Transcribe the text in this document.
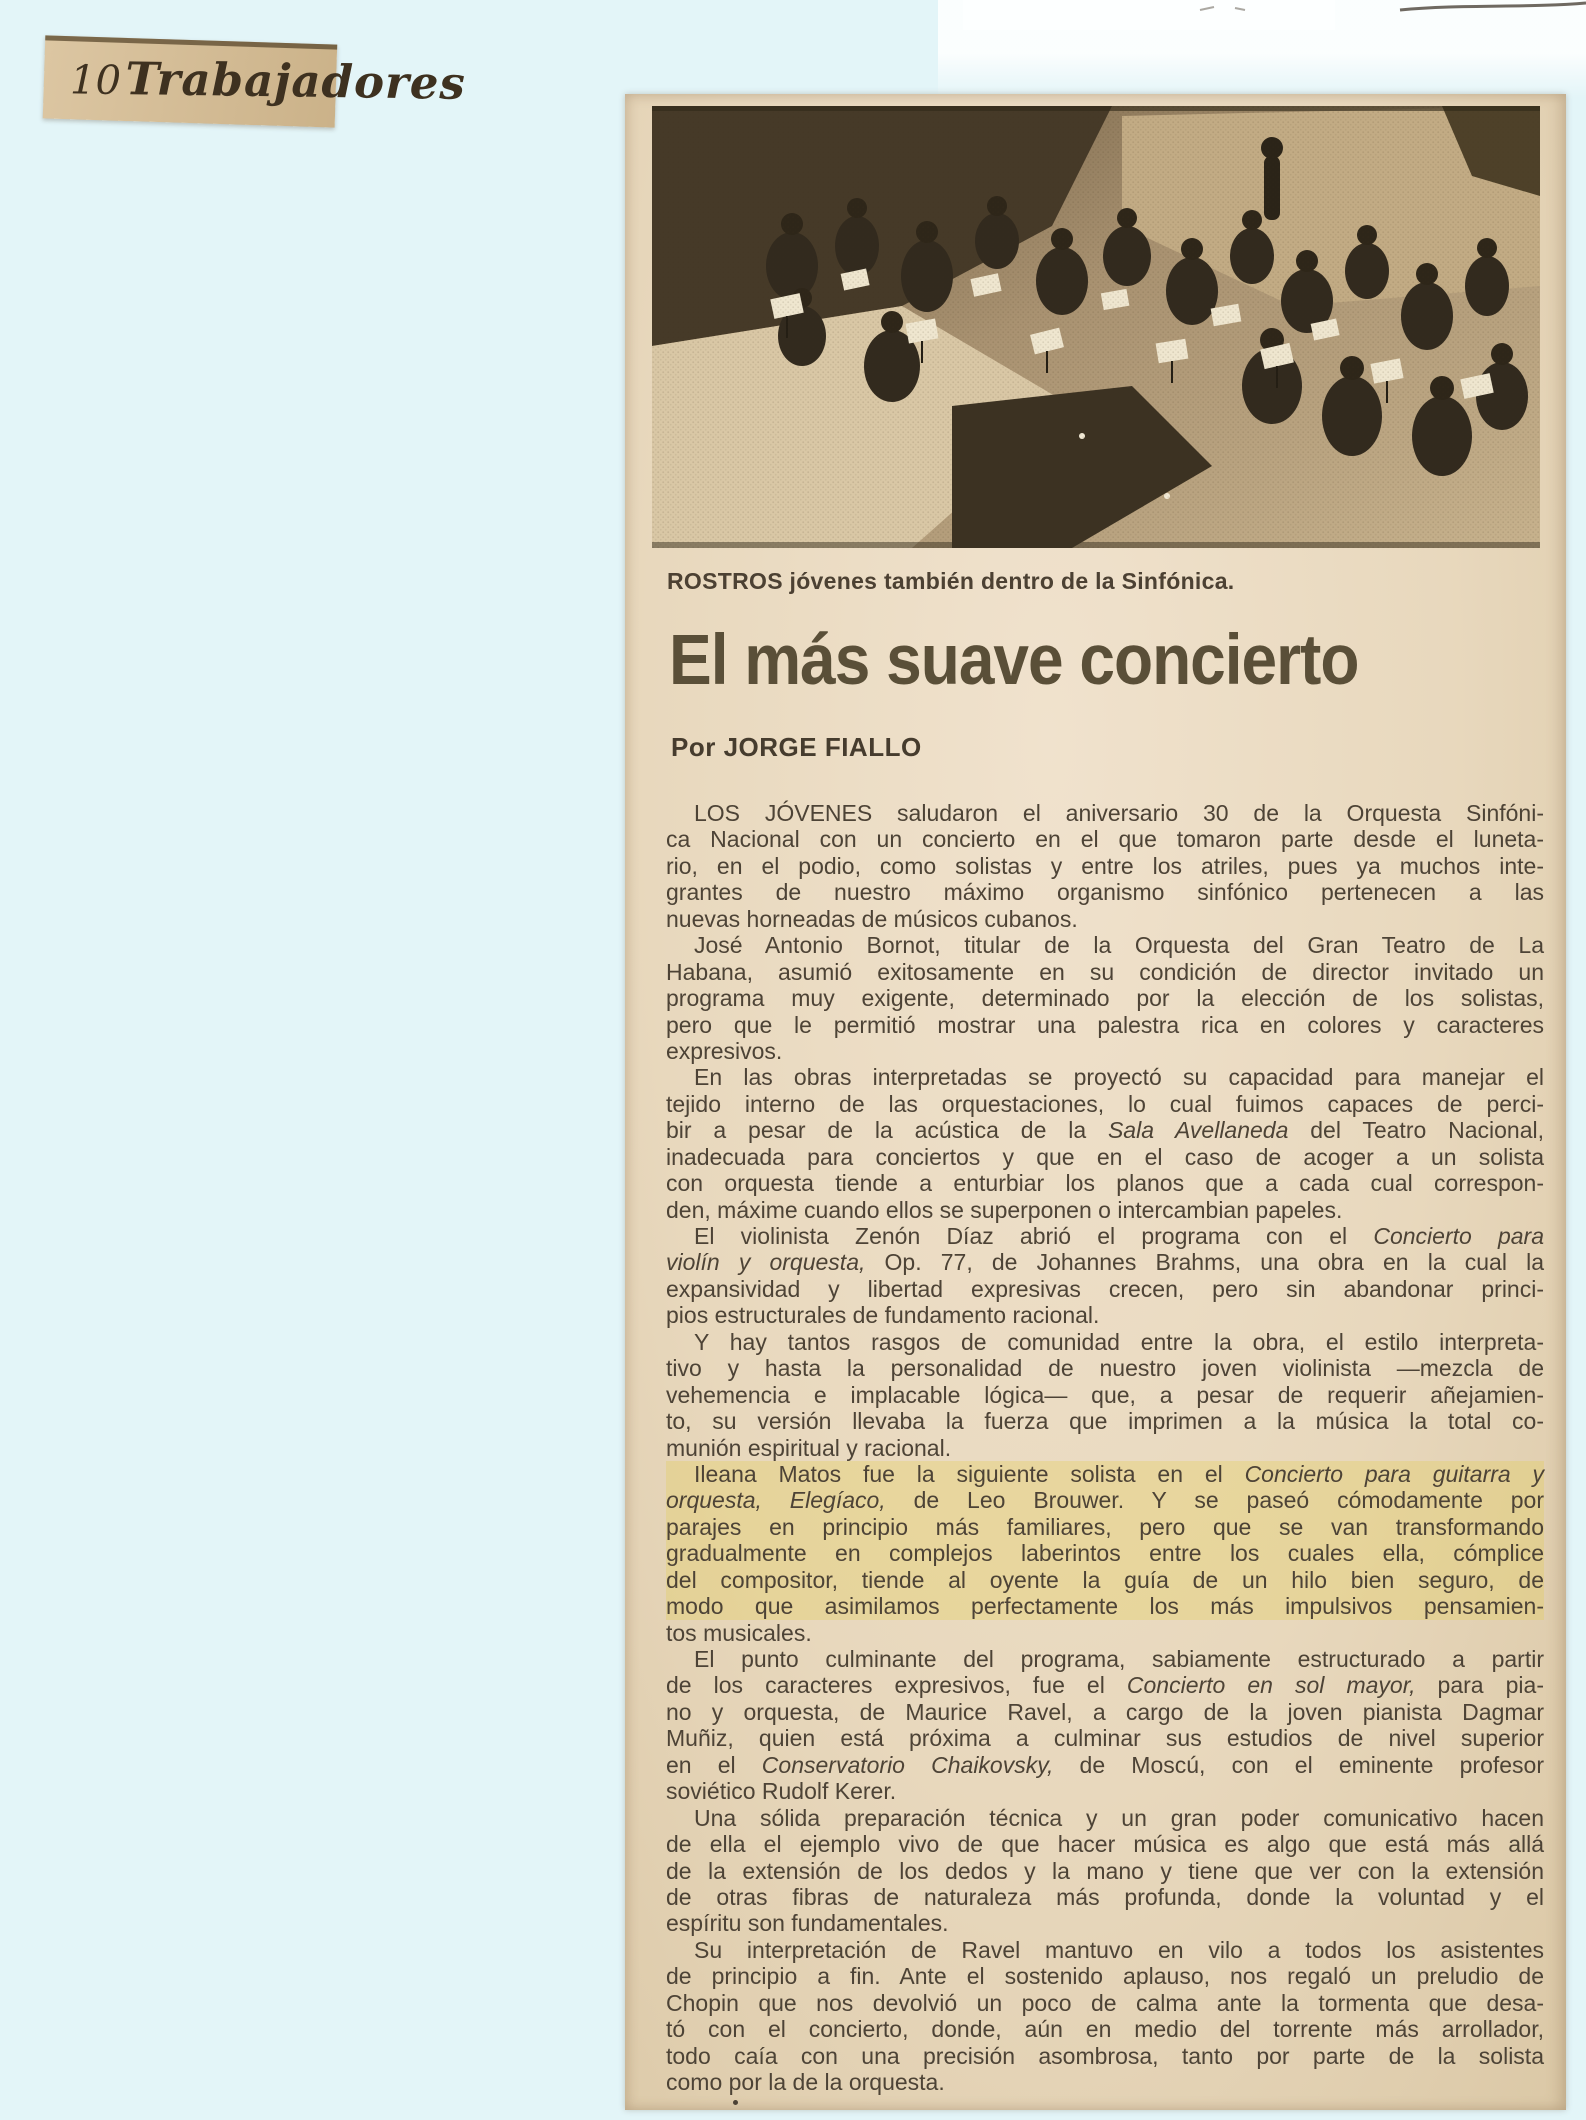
10 Trabajadores
ROSTROS jóvenes también dentro de la Sinfónica.
El más suave concierto
Por JORGE FIALLO
LOS JÓVENES saludaron el aniversario 30 de la Orquesta Sinfóni-
ca Nacional con un concierto en el que tomaron parte desde el luneta-
rio, en el podio, como solistas y entre los atriles, pues ya muchos inte-
grantes de nuestro máximo organismo sinfónico pertenecen a las
nuevas horneadas de músicos cubanos.
José Antonio Bornot, titular de la Orquesta del Gran Teatro de La
Habana, asumió exitosamente en su condición de director invitado un
programa muy exigente, determinado por la elección de los solistas,
pero que le permitió mostrar una palestra rica en colores y caracteres
expresivos.
En las obras interpretadas se proyectó su capacidad para manejar el
tejido interno de las orquestaciones, lo cual fuimos capaces de perci-
bir a pesar de la acústica de la Sala Avellaneda del Teatro Nacional,
inadecuada para conciertos y que en el caso de acoger a un solista
con orquesta tiende a enturbiar los planos que a cada cual correspon-
den, máxime cuando ellos se superponen o intercambian papeles.
El violinista Zenón Díaz abrió el programa con el Concierto para
violín y orquesta, Op. 77, de Johannes Brahms, una obra en la cual la
expansividad y libertad expresivas crecen, pero sin abandonar princi-
pios estructurales de fundamento racional.
Y hay tantos rasgos de comunidad entre la obra, el estilo interpreta-
tivo y hasta la personalidad de nuestro joven violinista —mezcla de
vehemencia e implacable lógica— que, a pesar de requerir añejamien-
to, su versión llevaba la fuerza que imprimen a la música la total co-
munión espiritual y racional.
Ileana Matos fue la siguiente solista en el Concierto para guitarra y
orquesta, Elegíaco, de Leo Brouwer. Y se paseó cómodamente por
parajes en principio más familiares, pero que se van transformando
gradualmente en complejos laberintos entre los cuales ella, cómplice
del compositor, tiende al oyente la guía de un hilo bien seguro, de
modo que asimilamos perfectamente los más impulsivos pensamien-
tos musicales.
El punto culminante del programa, sabiamente estructurado a partir
de los caracteres expresivos, fue el Concierto en sol mayor, para pia-
no y orquesta, de Maurice Ravel, a cargo de la joven pianista Dagmar
Muñiz, quien está próxima a culminar sus estudios de nivel superior
en el Conservatorio Chaikovsky, de Moscú, con el eminente profesor
soviético Rudolf Kerer.
Una sólida preparación técnica y un gran poder comunicativo hacen
de ella el ejemplo vivo de que hacer música es algo que está más allá
de la extensión de los dedos y la mano y tiene que ver con la extensión
de otras fibras de naturaleza más profunda, donde la voluntad y el
espíritu son fundamentales.
Su interpretación de Ravel mantuvo en vilo a todos los asistentes
de principio a fin. Ante el sostenido aplauso, nos regaló un preludio de
Chopin que nos devolvió un poco de calma ante la tormenta que desa-
tó con el concierto, donde, aún en medio del torrente más arrollador,
todo caía con una precisión asombrosa, tanto por parte de la solista
como por la de la orquesta.
